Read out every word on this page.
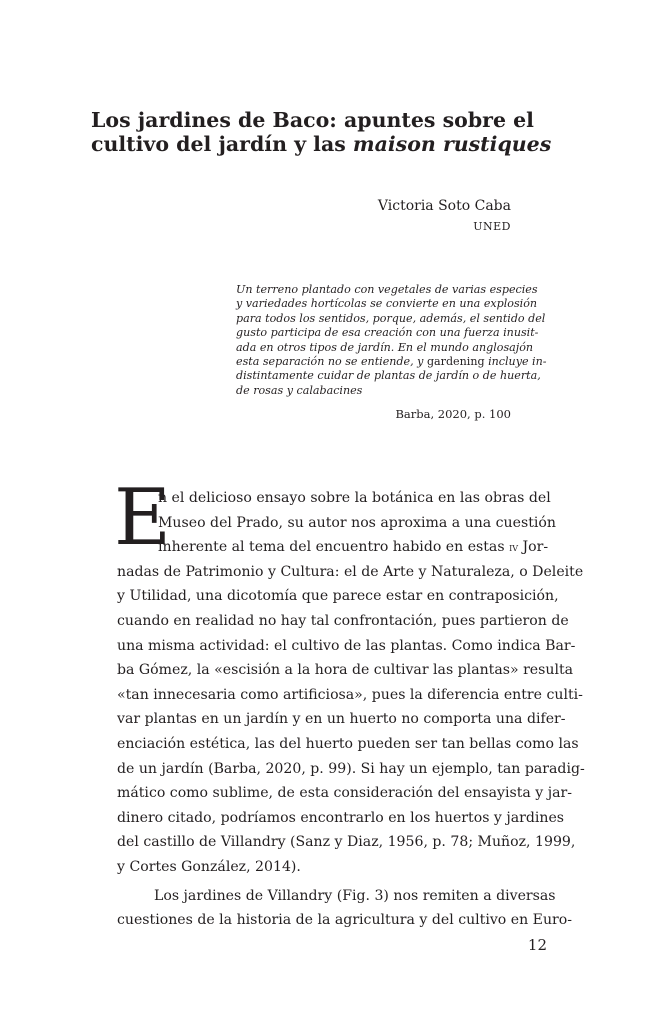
Los jardines de Baco: apuntes sobre el
cultivo del jardín y las maison rustiques
Victoria Soto Caba
UNED
Un terreno plantado con vegetales de varias especies
y variedades hortícolas se convierte en una explosión
para todos los sentidos, porque, además, el sentido del
gusto participa de esa creación con una fuerza inusit-
ada en otros tipos de jardín. En el mundo anglosajón
esta separación no se entiende, y gardening incluye in-
distintamente cuidar de plantas de jardín o de huerta,
de rosas y calabacines
Barba, 2020, p. 100
E
n el delicioso ensayo sobre la botánica en las obras del
Museo del Prado, su autor nos aproxima a una cuestión
inherente al tema del encuentro habido en estas iv Jor-
nadas de Patrimonio y Cultura: el de Arte y Naturaleza, o Deleite
y Utilidad, una dicotomía que parece estar en contraposición,
cuando en realidad no hay tal confrontación, pues partieron de
una misma actividad: el cultivo de las plantas. Como indica Bar-
ba Gómez, la «escisión a la hora de cultivar las plantas» resulta
«tan innecesaria como artificiosa», pues la diferencia entre culti-
var plantas en un jardín y en un huerto no comporta una difer-
enciación estética, las del huerto pueden ser tan bellas como las
de un jardín (Barba, 2020, p. 99). Si hay un ejemplo, tan paradig-
mático como sublime, de esta consideración del ensayista y jar-
dinero citado, podríamos encontrarlo en los huertos y jardines
del castillo de Villandry (Sanz y Diaz, 1956, p. 78; Muñoz, 1999,
y Cortes González, 2014).
Los jardines de Villandry (Fig. 3) nos remiten a diversas
cuestiones de la historia de la agricultura y del cultivo en Euro-
12
